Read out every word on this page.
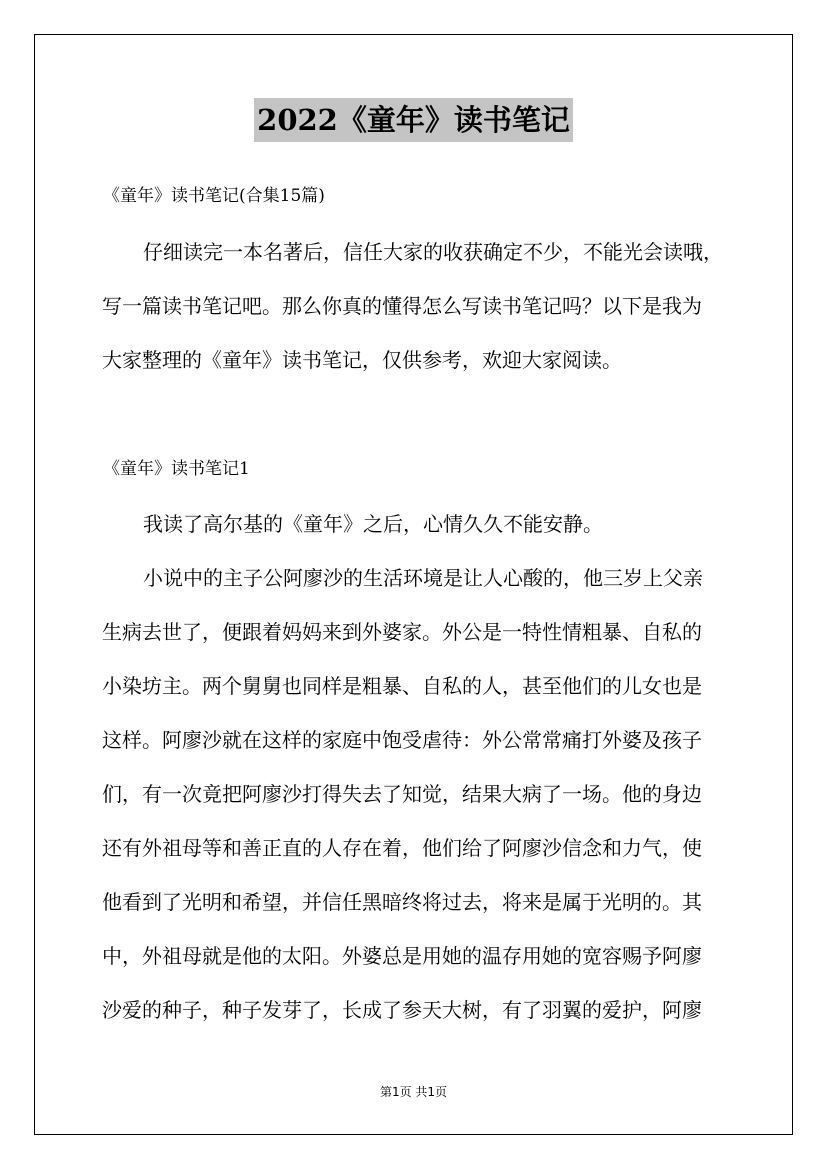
2022《童年》读书笔记
《童年》读书笔记(合集15篇)
仔细读完一本名著后，信任大家的收获确定不少，不能光会读哦，
写一篇读书笔记吧。那么你真的懂得怎么写读书笔记吗？以下是我为
大家整理的《童年》读书笔记，仅供参考，欢迎大家阅读。
《童年》读书笔记1
我读了高尔基的《童年》之后，心情久久不能安静。
小说中的主子公阿廖沙的生活环境是让人心酸的，他三岁上父亲
生病去世了，便跟着妈妈来到外婆家。外公是一特性情粗暴、自私的
小染坊主。两个舅舅也同样是粗暴、自私的人，甚至他们的儿女也是
这样。阿廖沙就在这样的家庭中饱受虐待：外公常常痛打外婆及孩子
们，有一次竟把阿廖沙打得失去了知觉，结果大病了一场。他的身边
还有外祖母等和善正直的人存在着，他们给了阿廖沙信念和力气，使
他看到了光明和希望，并信任黑暗终将过去，将来是属于光明的。其
中，外祖母就是他的太阳。外婆总是用她的温存用她的宽容赐予阿廖
沙爱的种子，种子发芽了，长成了参天大树，有了羽翼的爱护，阿廖
第1页 共1页
